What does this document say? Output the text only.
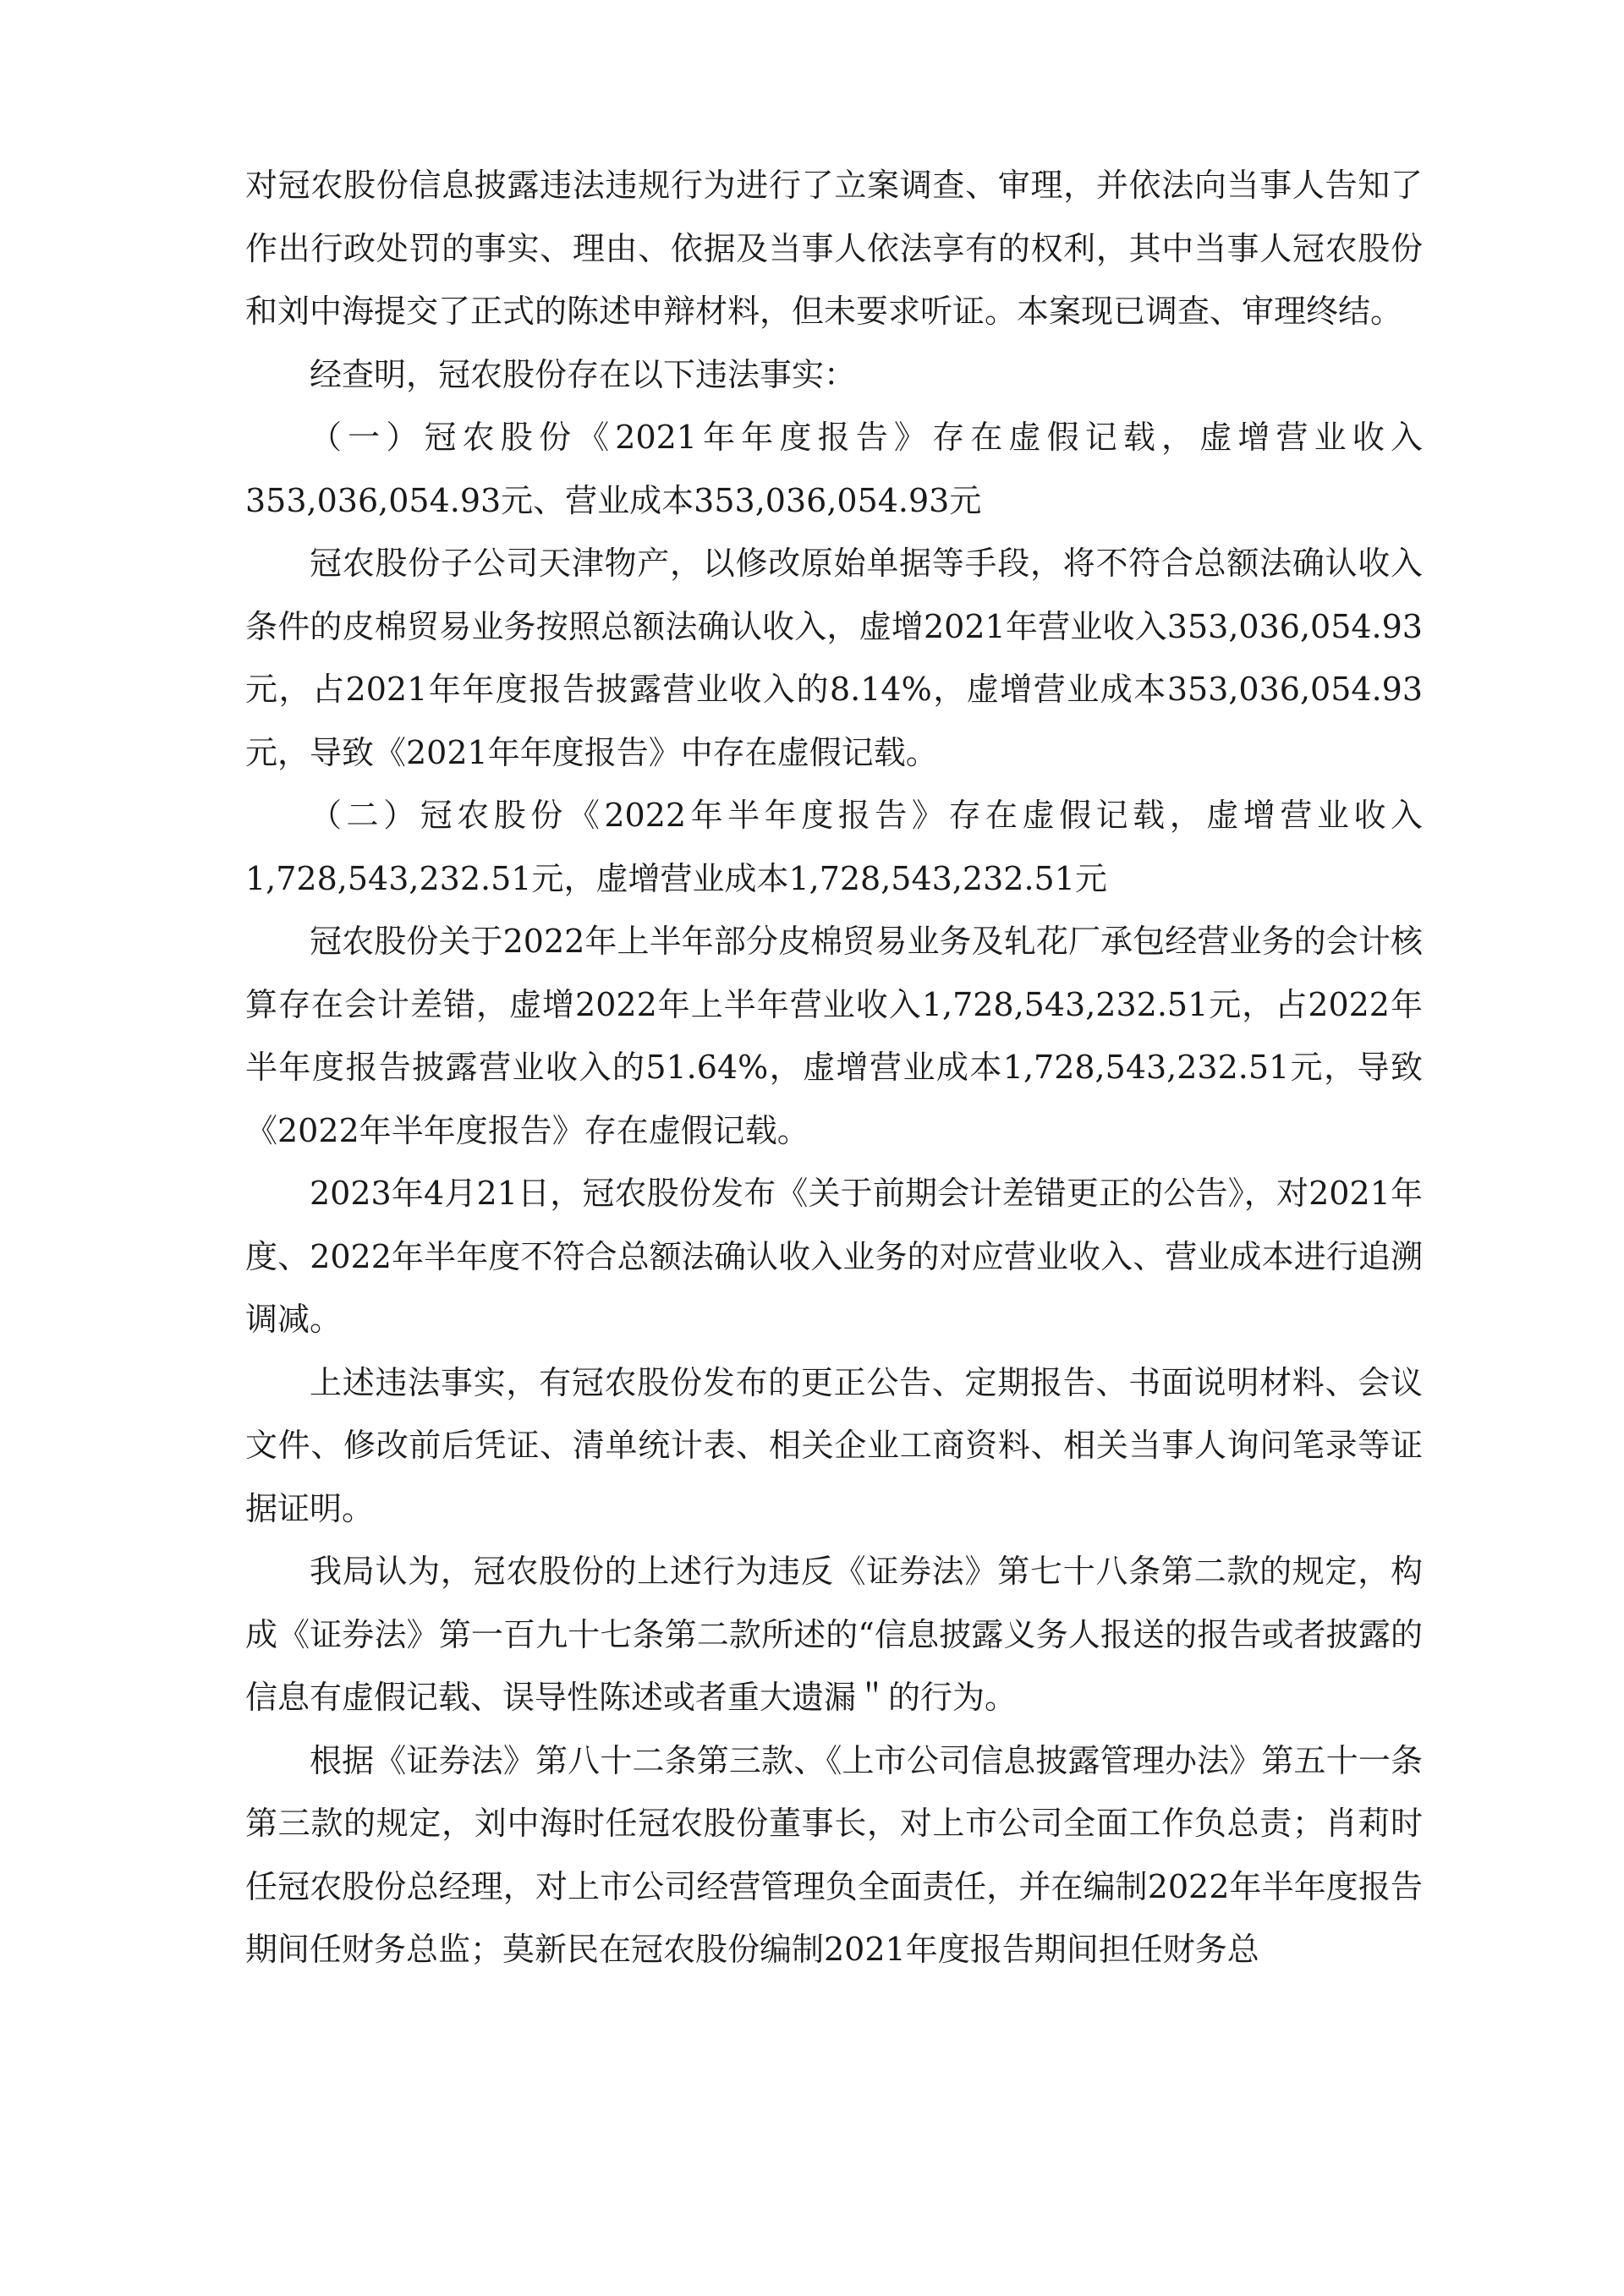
对冠农股份信息披露违法违规行为进行了立案调查、审理，并依法向当事人告知了作出行政处罚的事实、理由、依据及当事人依法享有的权利，其中当事人冠农股份和刘中海提交了正式的陈述申辩材料，但未要求听证。本案现已调查、审理终结。

经查明，冠农股份存在以下违法事实：

（一）冠农股份《2021年年度报告》存在虚假记载，虚增营业收入353,036,054.93元、营业成本353,036,054.93元

冠农股份子公司天津物产，以修改原始单据等手段，将不符合总额法确认收入条件的皮棉贸易业务按照总额法确认收入，虚增2021年营业收入353,036,054.93元，占2021年年度报告披露营业收入的8.14%，虚增营业成本353,036,054.93元，导致《2021年年度报告》中存在虚假记载。

（二）冠农股份《2022年半年度报告》存在虚假记载，虚增营业收入1,728,543,232.51元，虚增营业成本1,728,543,232.51元

冠农股份关于2022年上半年部分皮棉贸易业务及轧花厂承包经营业务的会计核算存在会计差错，虚增2022年上半年营业收入1,728,543,232.51元，占2022年半年度报告披露营业收入的51.64%，虚增营业成本1,728,543,232.51元，导致《2022年半年度报告》存在虚假记载。

2023年4月21日，冠农股份发布《关于前期会计差错更正的公告》，对2021年度、2022年半年度不符合总额法确认收入业务的对应营业收入、营业成本进行追溯调减。

上述违法事实，有冠农股份发布的更正公告、定期报告、书面说明材料、会议文件、修改前后凭证、清单统计表、相关企业工商资料、相关当事人询问笔录等证据证明。

我局认为，冠农股份的上述行为违反《证券法》第七十八条第二款的规定，构成《证券法》第一百九十七条第二款所述的“信息披露义务人报送的报告或者披露的信息有虚假记载、误导性陈述或者重大遗漏＂的行为。

根据《证券法》第八十二条第三款、《上市公司信息披露管理办法》第五十一条第三款的规定，刘中海时任冠农股份董事长，对上市公司全面工作负总责；肖莉时任冠农股份总经理，对上市公司经营管理负全面责任，并在编制2022年半年度报告期间任财务总监；莫新民在冠农股份编制2021年度报告期间担任财务总
